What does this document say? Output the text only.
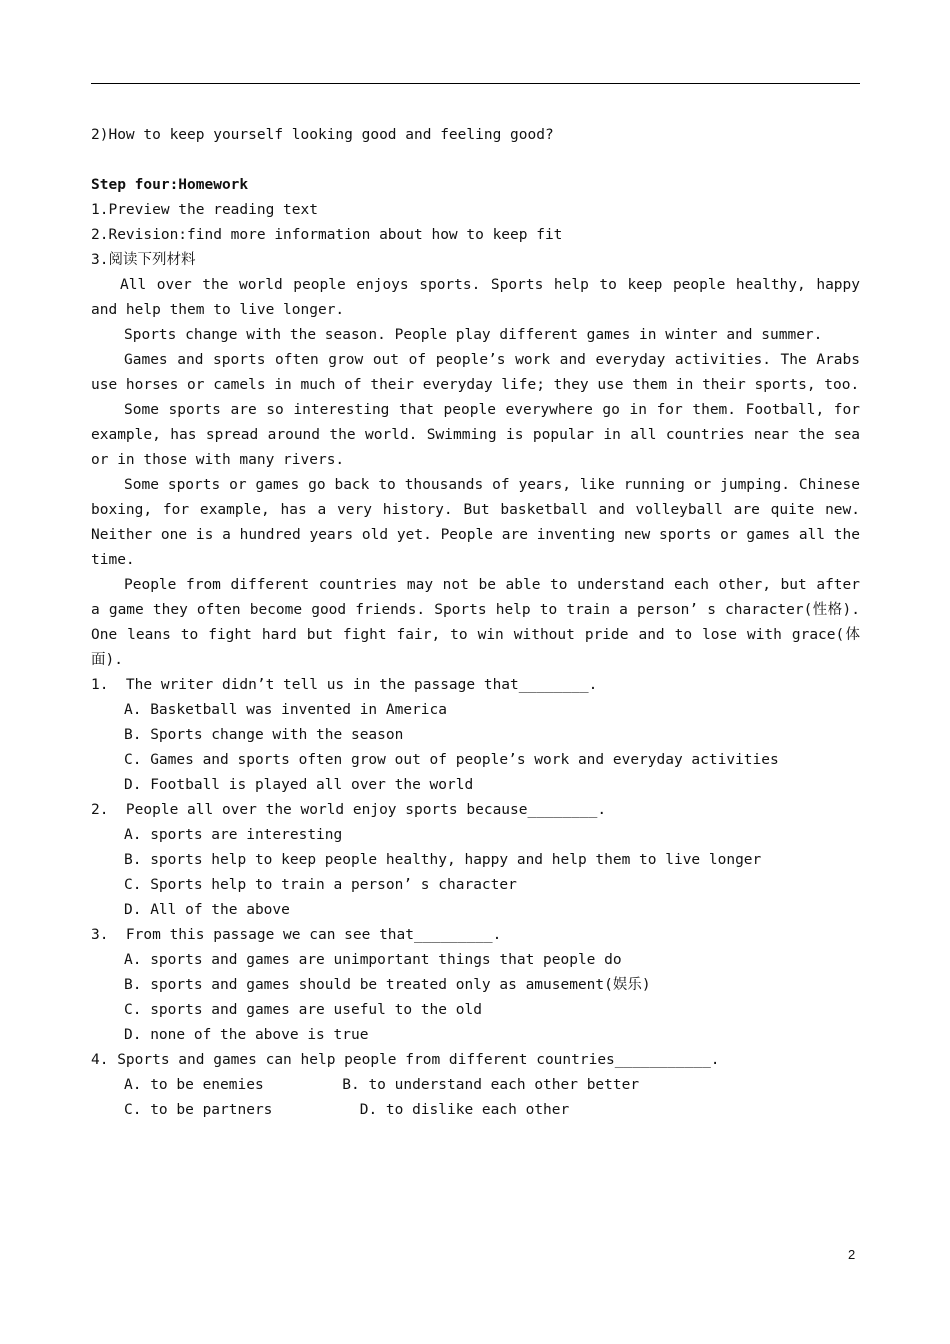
2)How to keep yourself looking good and feeling good?

Step four:Homework

1.Preview the reading text

2.Revision:find more information about how to keep fit

3.阅读下列材料

All over the world people enjoys sports. Sports help to keep people healthy, happy and help them to live longer.

Sports change with the season. People play different games in winter and summer.

Games and sports often grow out of people’s work and everyday activities. The Arabs use horses or camels in much of their everyday life; they use them in their sports, too.

Some sports are so interesting that people everywhere go in for them. Football, for example, has spread around the world. Swimming is popular in all countries near the sea or in those with many rivers.

Some sports or games go back to thousands of years, like running or jumping. Chinese boxing, for example, has a very history. But basketball and volleyball are quite new. Neither one is a hundred years old yet. People are inventing new sports or games all the time.

People from different countries may not be able to understand each other, but after a game they often become good friends. Sports help to train a person’ s character(性格). One leans to fight hard but fight fair, to win without pride and to lose with grace(体面).

1.  The writer didn’t tell us in the passage that________.

A. Basketball was invented in America

B. Sports change with the season

C. Games and sports often grow out of people’s work and everyday activities

D. Football is played all over the world

2.  People all over the world enjoy sports because________.

A. sports are interesting

B. sports help to keep people healthy, happy and help them to live longer

C. Sports help to train a person’ s character

D. All of the above

3.  From this passage we can see that_________.

A. sports and games are unimportant things that people do

B. sports and games should be treated only as amusement(娱乐)

C. sports and games are useful to the old

D. none of the above is true

4. Sports and games can help people from different countries___________.

A. to be enemies	B. to understand each other better

C. to be partners	D. to dislike each other

2
